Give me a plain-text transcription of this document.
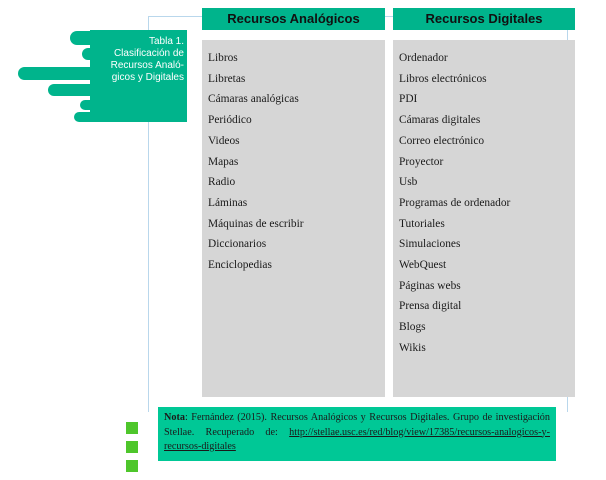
Tabla 1.
Clasificación de
Recursos Analó-
gicos y Digitales
Recursos Analógicos
Libros
Libretas
Cámaras analógicas
Periódico
Videos
Mapas
Radio
Láminas
Máquinas de escribir
Diccionarios
Enciclopedias
Recursos Digitales
Ordenador
Libros electrónicos
PDI
Cámaras digitales
Correo electrónico
Proyector
Usb
Programas de ordenador
Tutoriales
Simulaciones
WebQuest
Páginas webs
Prensa digital
Blogs
Wikis
Nota: Fernández (2015). Recursos Analógicos y Recursos Digitales. Grupo de investigación Stellae. Recuperado de: http://stellae.usc.es/red/blog/view/17385/recursos-analogicos-y-recursos-digitales
